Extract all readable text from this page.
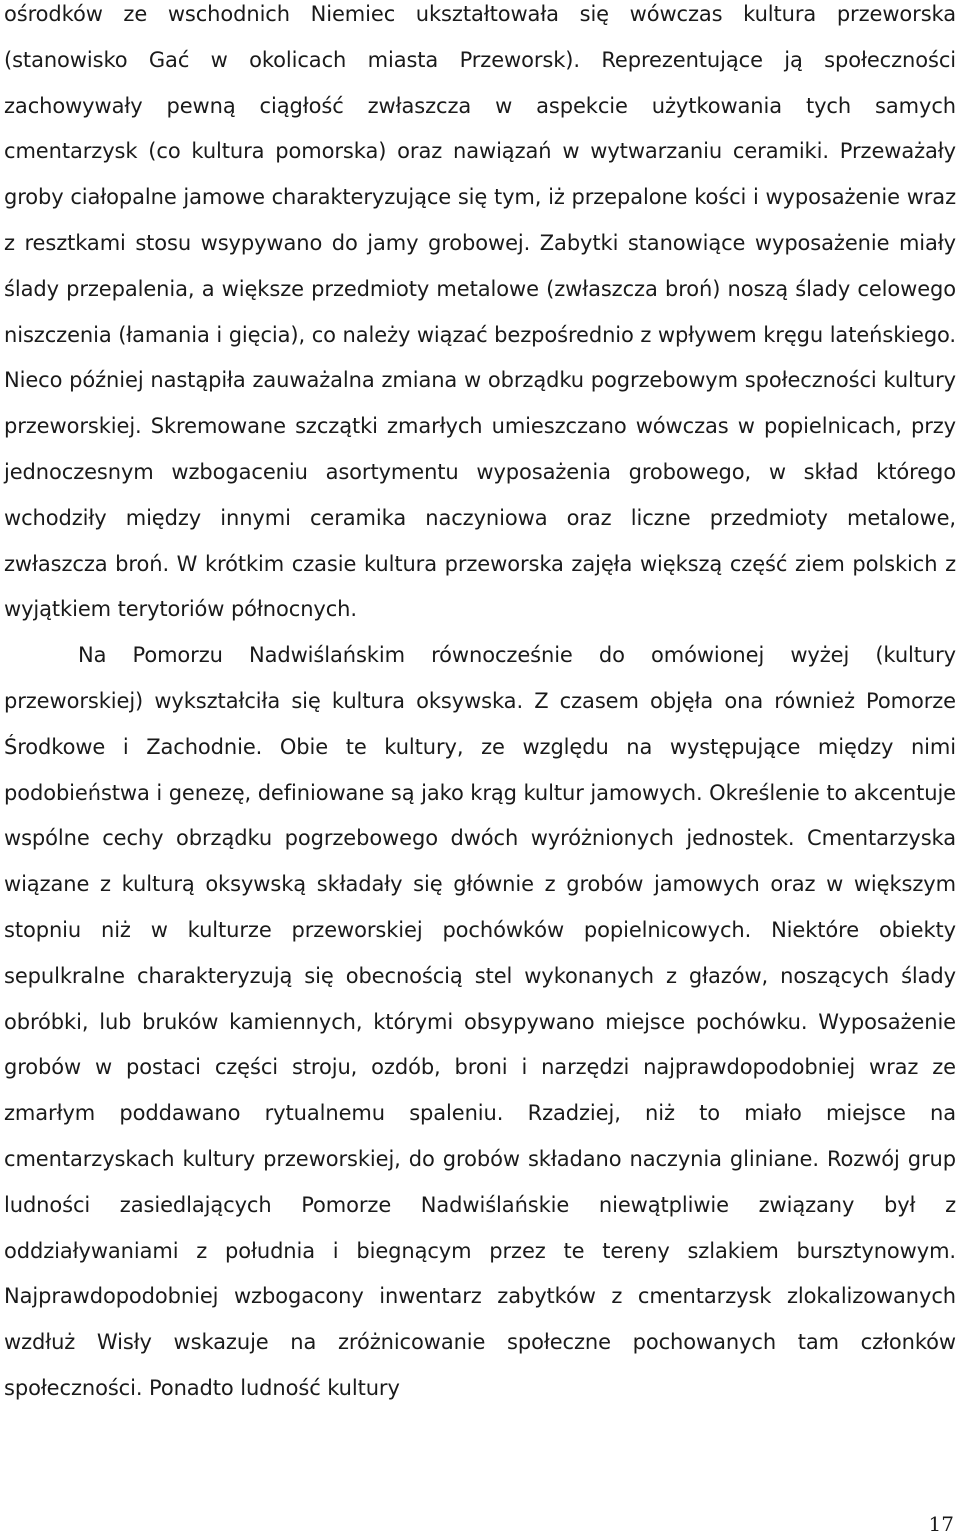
ośrodków ze wschodnich Niemiec ukształtowała się wówczas kultura przeworska (stanowisko Gać w okolicach miasta Przeworsk). Reprezentujące ją społeczności zachowywały pewną ciągłość zwłaszcza w aspekcie użytkowania tych samych cmentarzysk (co kultura pomorska) oraz nawiązań w wytwarzaniu ceramiki. Przeważały groby ciałopalne jamowe charakteryzujące się tym, iż przepalone kości i wyposażenie wraz z resztkami stosu wsypywano do jamy grobowej. Zabytki stanowiące wyposażenie miały ślady przepalenia, a większe przedmioty metalowe (zwłaszcza broń) noszą ślady celowego niszczenia (łamania i gięcia), co należy wiązać bezpośrednio z wpływem kręgu lateńskiego. Nieco później nastąpiła zauważalna zmiana w obrządku pogrzebowym społeczności kultury przeworskiej. Skremowane szczątki zmarłych umieszczano wówczas w popielnicach, przy jednoczesnym wzbogaceniu asortymentu wyposażenia grobowego, w skład którego wchodziły między innymi ceramika naczyniowa oraz liczne przedmioty metalowe, zwłaszcza broń. W krótkim czasie kultura przeworska zajęła większą część ziem polskich z wyjątkiem terytoriów północnych.

Na Pomorzu Nadwiślańskim równocześnie do omówionej wyżej (kultury przeworskiej) wykształciła się kultura oksywska. Z czasem objęła ona również Pomorze Środkowe i Zachodnie. Obie te kultury, ze względu na występujące między nimi podobieństwa i genezę, definiowane są jako krąg kultur jamowych. Określenie to akcentuje wspólne cechy obrządku pogrzebowego dwóch wyróżnionych jednostek. Cmentarzyska wiązane z kulturą oksywską składały się głównie z grobów jamowych oraz w większym stopniu niż w kulturze przeworskiej pochówków popielnicowych. Niektóre obiekty sepulkralne charakteryzują się obecnością stel wykonanych z głazów, noszących ślady obróbki, lub bruków kamiennych, którymi obsypywano miejsce pochówku. Wyposażenie grobów w postaci części stroju, ozdób, broni i narzędzi najprawdopodobniej wraz ze zmarłym poddawano rytualnemu spaleniu. Rzadziej, niż to miało miejsce na cmentarzyskach kultury przeworskiej, do grobów składano naczynia gliniane. Rozwój grup ludności zasiedlających Pomorze Nadwiślańskie niewątpliwie związany był z oddziaływaniami z południa i biegnącym przez te tereny szlakiem bursztynowym. Najprawdopodobniej wzbogacony inwentarz zabytków z cmentarzysk zlokalizowanych wzdłuż Wisły wskazuje na zróżnicowanie społeczne pochowanych tam członków społeczności. Ponadto ludność kultury

17
